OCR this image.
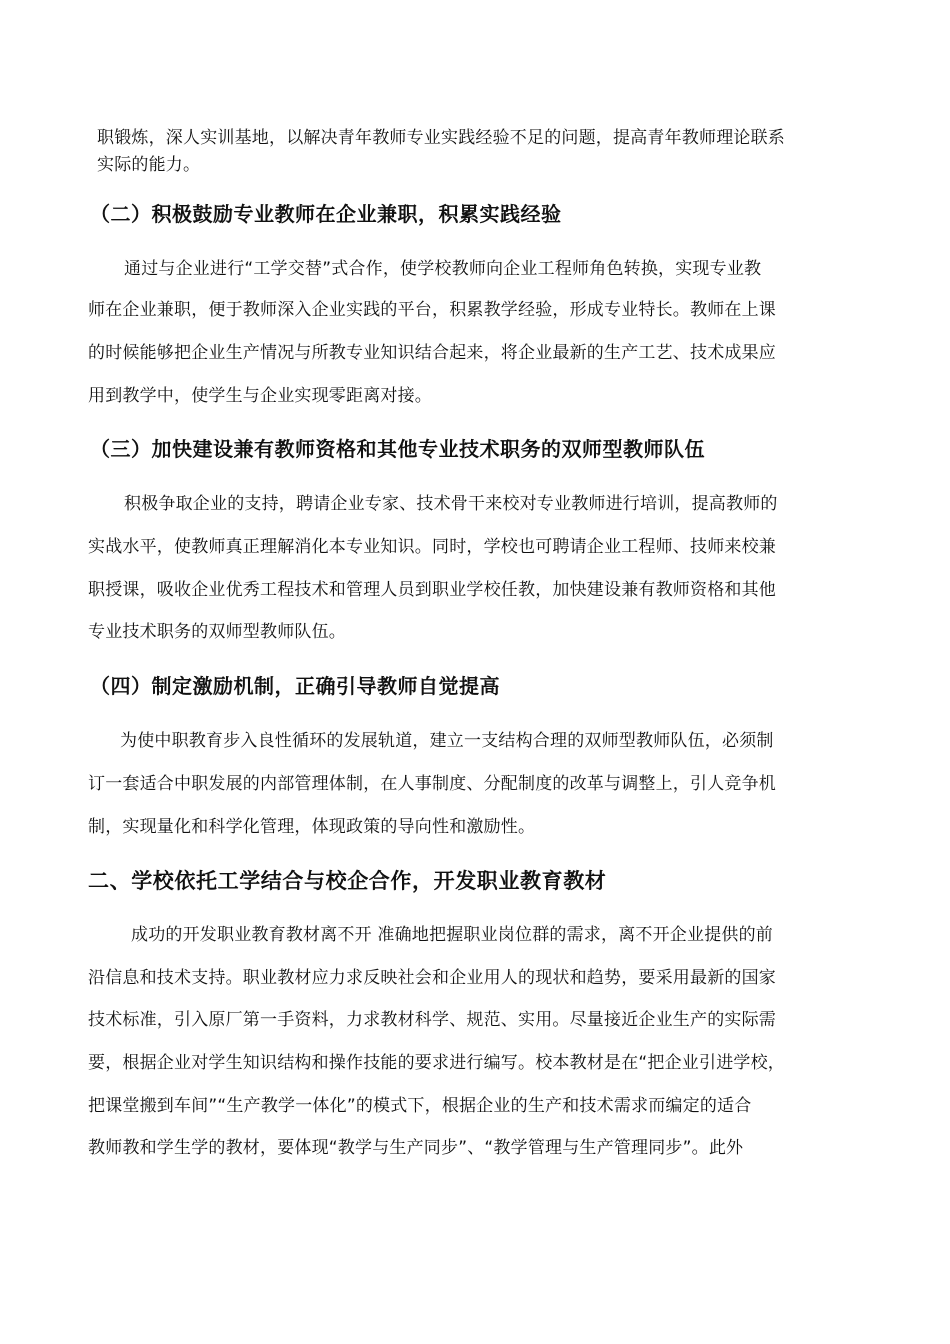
职锻炼，深人实训基地，以解决青年教师专业实践经验不足的问题，提高青年教师理论联系
实际的能力。
（二）积极鼓励专业教师在企业兼职，积累实践经验
通过与企业进行“工学交替”式合作，使学校教师向企业工程师角色转换，实现专业教
师在企业兼职，便于教师深入企业实践的平台，积累教学经验，形成专业特长。教师在上课
的时候能够把企业生产情况与所教专业知识结合起来，将企业最新的生产工艺、技术成果应
用到教学中，使学生与企业实现零距离对接。
（三）加快建设兼有教师资格和其他专业技术职务的双师型教师队伍
积极争取企业的支持，聘请企业专家、技术骨干来校对专业教师进行培训，提高教师的
实战水平，使教师真正理解消化本专业知识。同时，学校也可聘请企业工程师、技师来校兼
职授课，吸收企业优秀工程技术和管理人员到职业学校任教，加快建设兼有教师资格和其他
专业技术职务的双师型教师队伍。
（四）制定激励机制，正确引导教师自觉提高
为使中职教育步入良性循环的发展轨道，建立一支结构合理的双师型教师队伍，必须制
订一套适合中职发展的内部管理体制，在人事制度、分配制度的改革与调整上，引人竞争机
制，实现量化和科学化管理，体现政策的导向性和激励性。
二、学校依托工学结合与校企合作，开发职业教育教材
成功的开发职业教育教材离不开 准确地把握职业岗位群的需求，离不开企业提供的前
沿信息和技术支持。职业教材应力求反映社会和企业用人的现状和趋势，要采用最新的国家
技术标准，引入原厂第一手资料，力求教材科学、规范、实用。尽量接近企业生产的实际需
要，根据企业对学生知识结构和操作技能的要求进行编写。校本教材是在“把企业引进学校，
把课堂搬到车间”“生产教学一体化”的模式下，根据企业的生产和技术需求而编定的适合
教师教和学生学的教材，要体现“教学与生产同步”、“教学管理与生产管理同步”。此外
